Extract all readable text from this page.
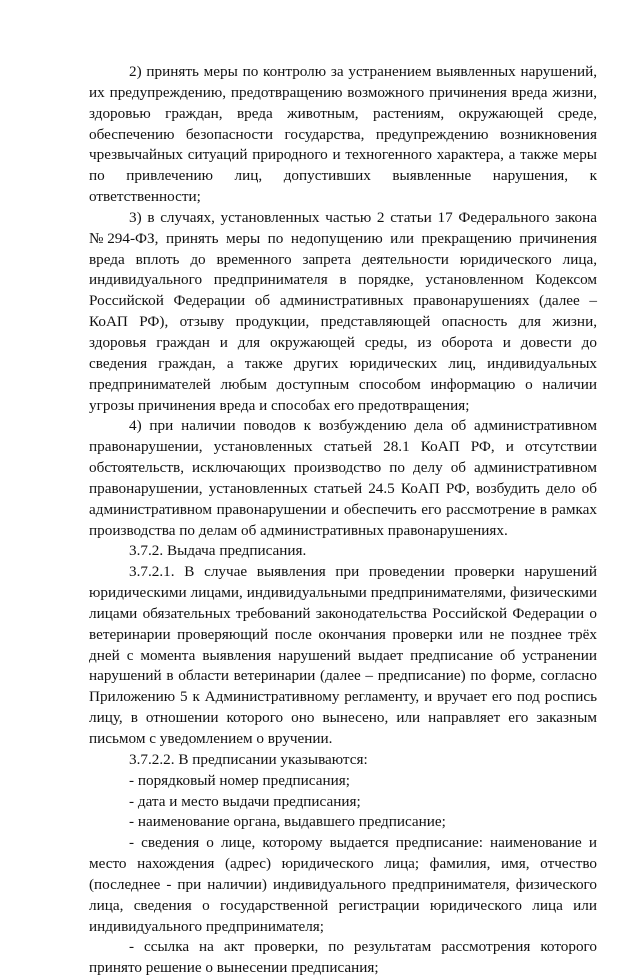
2) принять меры по контролю за устранением выявленных нарушений, их предупреждению, предотвращению возможного причинения вреда жизни, здоровью граждан, вреда животным, растениям, окружающей среде, обеспечению безопасности государства, предупреждению возникновения чрезвычайных ситуаций природного и техногенного характера, а также меры по привлечению лиц, допустивших выявленные нарушения, к ответственности;

3) в случаях, установленных частью 2 статьи 17 Федерального закона №294-ФЗ, принять меры по недопущению или прекращению причинения вреда вплоть до временного запрета деятельности юридического лица, индивидуального предпринимателя в порядке, установленном Кодексом Российской Федерации об административных правонарушениях (далее – КоАП РФ), отзыву продукции, представляющей опасность для жизни, здоровья граждан и для окружающей среды, из оборота и довести до сведения граждан, а также других юридических лиц, индивидуальных предпринимателей любым доступным способом информацию о наличии угрозы причинения вреда и способах его предотвращения;

4) при наличии поводов к возбуждению дела об административном правонарушении, установленных статьей 28.1 КоАП РФ, и отсутствии обстоятельств, исключающих производство по делу об административном правонарушении, установленных статьей 24.5 КоАП РФ, возбудить дело об административном правонарушении и обеспечить его рассмотрение в рамках производства по делам об административных правонарушениях.

3.7.2. Выдача предписания.

3.7.2.1. В случае выявления при проведении проверки нарушений юридическими лицами, индивидуальными предпринимателями, физическими лицами обязательных требований законодательства Российской Федерации о ветеринарии проверяющий после окончания проверки или не позднее трёх дней с момента выявления нарушений выдает предписание об устранении нарушений в области ветеринарии (далее – предписание) по форме, согласно Приложению 5 к Административному регламенту, и вручает его под роспись лицу, в отношении которого оно вынесено, или направляет его заказным письмом с уведомлением о вручении.

3.7.2.2. В предписании указываются:

- порядковый номер предписания;

- дата и место выдачи предписания;

- наименование органа, выдавшего предписание;

- сведения о лице, которому выдается предписание: наименование и место нахождения (адрес) юридического лица; фамилия, имя, отчество (последнее - при наличии) индивидуального предпринимателя, физического лица, сведения о государственной регистрации юридического лица или индивидуального предпринимателя;

- ссылка на акт проверки, по результатам рассмотрения которого принято решение о вынесении предписания;
